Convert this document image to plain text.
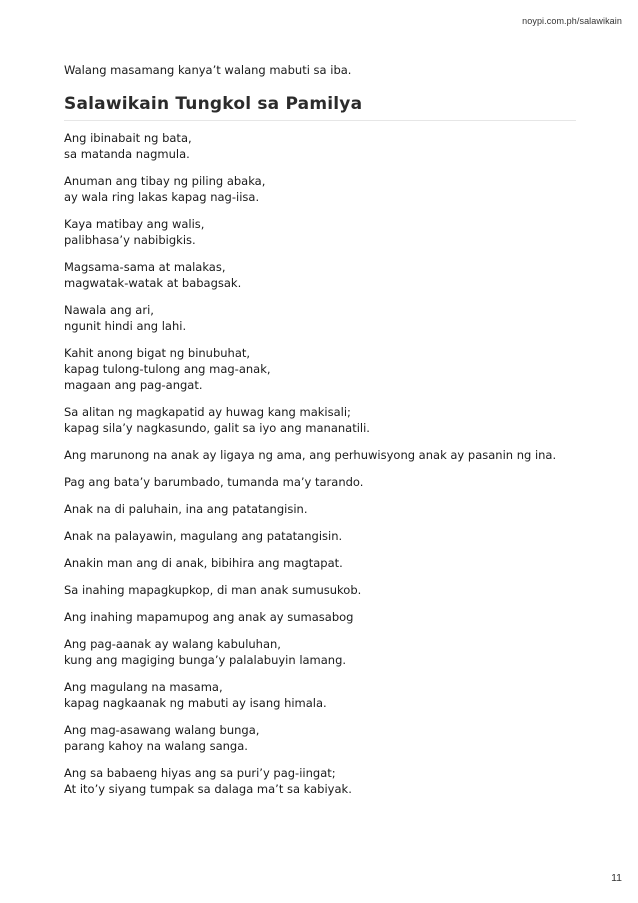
noypi.com.ph/salawikain
Walang masamang kanya’t walang mabuti sa iba.
Salawikain Tungkol sa Pamilya
Ang ibinabait ng bata,
sa matanda nagmula.
Anuman ang tibay ng piling abaka,
ay wala ring lakas kapag nag-iisa.
Kaya matibay ang walis,
palibhasa’y nabibigkis.
Magsama-sama at malakas,
magwatak-watak at babagsak.
Nawala ang ari,
ngunit hindi ang lahi.
Kahit anong bigat ng binubuhat,
kapag tulong-tulong ang mag-anak,
magaan ang pag-angat.
Sa alitan ng magkapatid ay huwag kang makisali;
kapag sila’y nagkasundo, galit sa iyo ang mananatili.
Ang marunong na anak ay ligaya ng ama, ang perhuwisyong anak ay pasanin ng ina.
Pag ang bata’y barumbado, tumanda ma’y tarando.
Anak na di paluhain, ina ang patatangisin.
Anak na palayawin, magulang ang patatangisin.
Anakin man ang di anak, bibihira ang magtapat.
Sa inahing mapagkupkop, di man anak sumusukob.
Ang inahing mapamupog ang anak ay sumasabog
Ang pag-aanak ay walang kabuluhan,
kung ang magiging bunga’y palalabuyin lamang.
Ang magulang na masama,
kapag nagkaanak ng mabuti ay isang himala.
Ang mag-asawang walang bunga,
parang kahoy na walang sanga.
Ang sa babaeng hiyas ang sa puri’y pag-iingat;
At ito’y siyang tumpak sa dalaga ma’t sa kabiyak.
11
